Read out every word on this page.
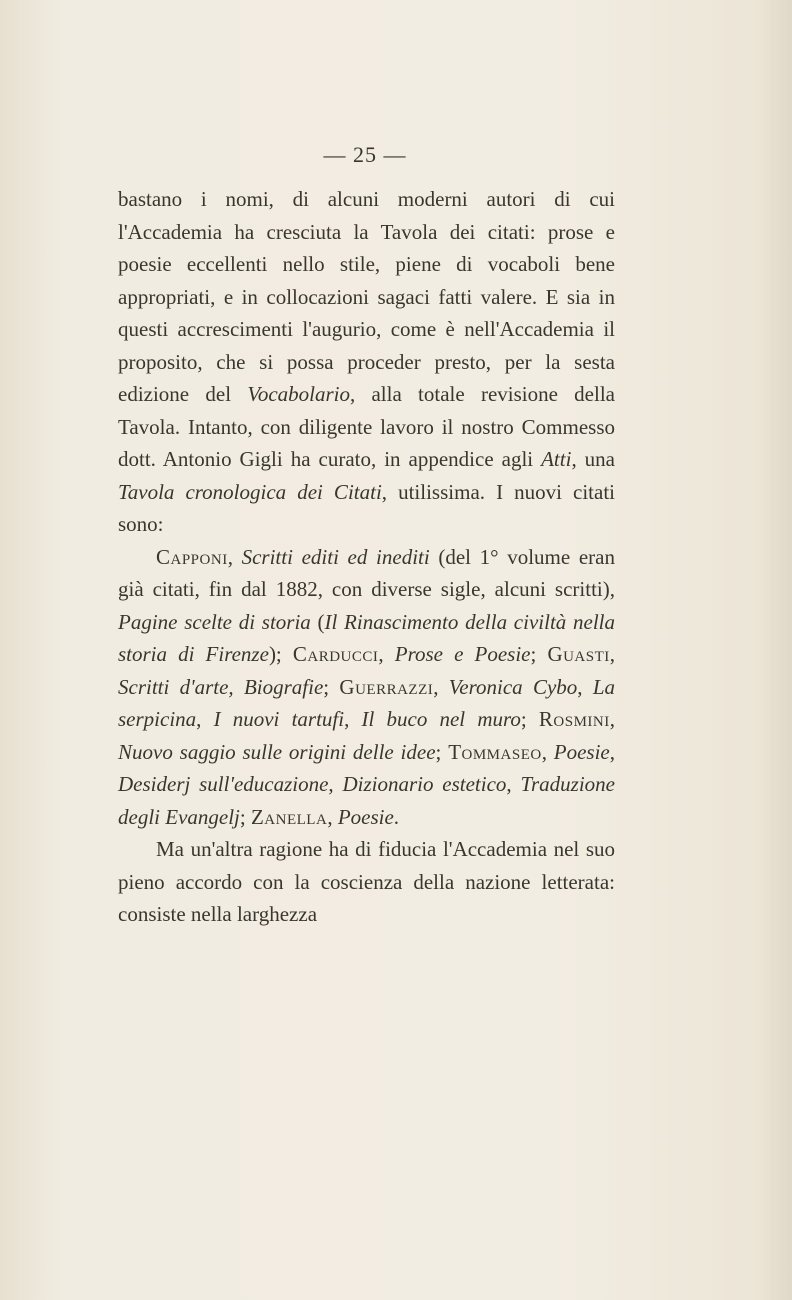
— 25 —

bastano i nomi, di alcuni moderni autori di cui l'Accademia ha cresciuta la Tavola dei citati: prose e poesie eccellenti nello stile, piene di vocaboli bene appropriati, e in collocazioni sagaci fatti valere. E sia in questi accrescimenti l'augurio, come è nell'Accademia il proposito, che si possa proceder presto, per la sesta edizione del Vocabolario, alla totale revisione della Tavola. Intanto, con diligente lavoro il nostro Commesso dott. Antonio Gigli ha curato, in appendice agli Atti, una Tavola cronologica dei Citati, utilissima. I nuovi citati sono:

Capponi, Scritti editi ed inediti (del 1° volume eran già citati, fin dal 1882, con diverse sigle, alcuni scritti), Pagine scelte di storia (Il Rinascimento della civiltà nella storia di Firenze); Carducci, Prose e Poesie; Guasti, Scritti d'arte, Biografie; Guerrazzi, Veronica Cybo, La serpicina, I nuovi tartufi, Il buco nel muro; Rosmini, Nuovo saggio sulle origini delle idee; Tommaseo, Poesie, Desiderj sull'educazione, Dizionario estetico, Traduzione degli Evangelj; Zanella, Poesie.

Ma un'altra ragione ha di fiducia l'Accademia nel suo pieno accordo con la coscienza della nazione letterata: consiste nella larghezza
